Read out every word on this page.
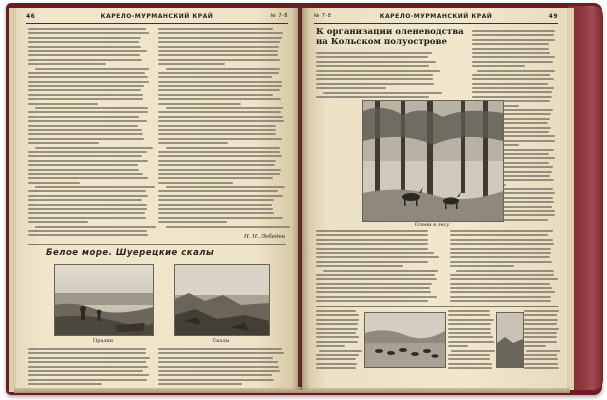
46	КАРЕЛО-МУРМАНСКИЙ КРАЙ	№ 7-8
Н. Н. Лебедев
Белое море. Шуерецкие скалы
Пралки	Скалы
№ 7-8	КАРЕЛО-МУРМАНСКИЙ КРАЙ	49
К организации оленеводства на Кольском полуострове
Олени в лесу
